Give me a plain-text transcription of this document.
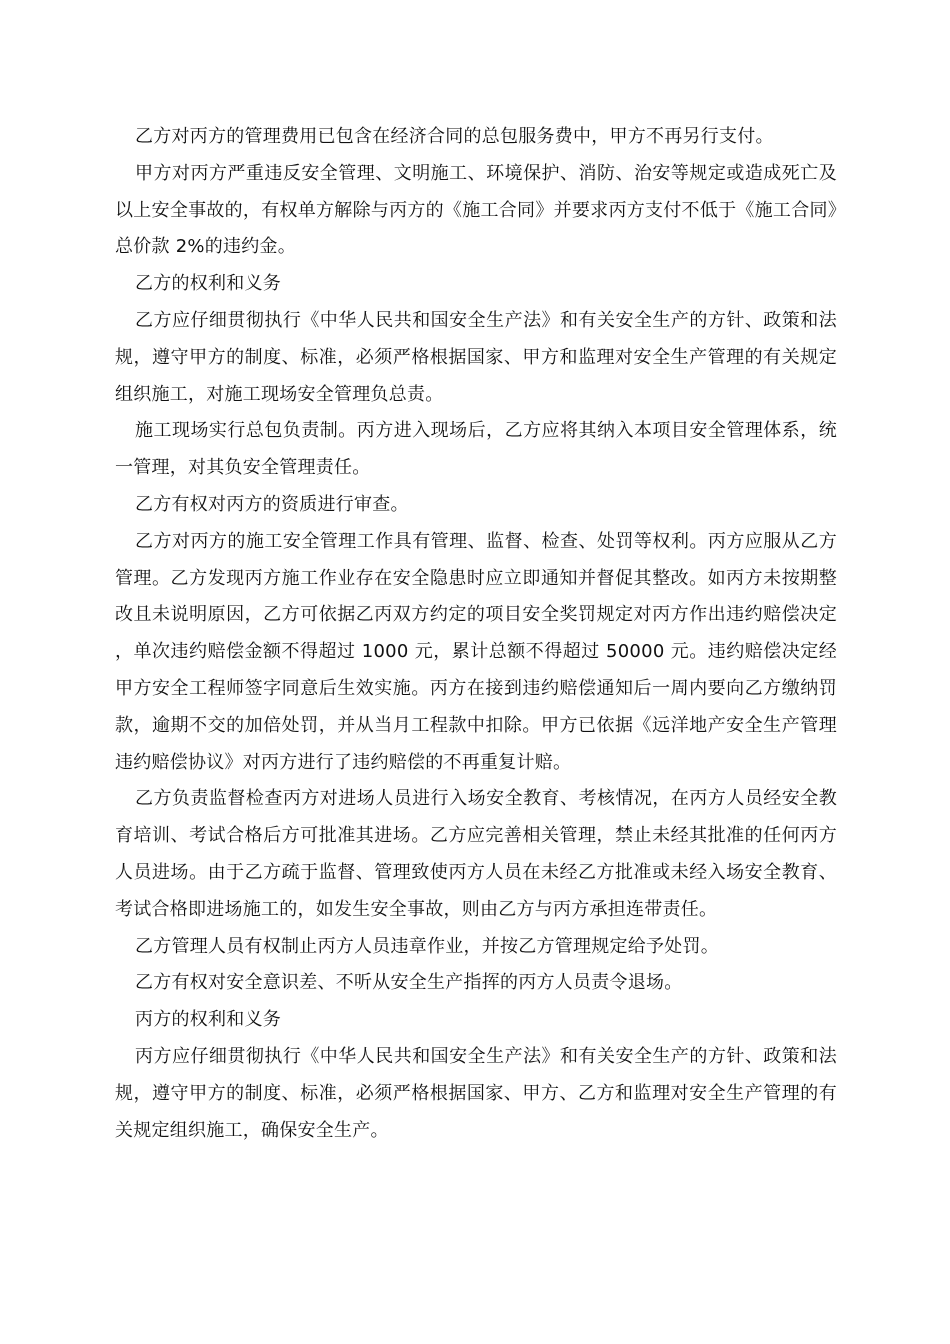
乙方对丙方的管理费用已包含在经济合同的总包服务费中，甲方不再另行支付。

甲方对丙方严重违反安全管理、文明施工、环境保护、消防、治安等规定或造成死亡及以上安全事故的，有权单方解除与丙方的《施工合同》并要求丙方支付不低于《施工合同》总价款 2%的违约金。

乙方的权利和义务

乙方应仔细贯彻执行《中华人民共和国安全生产法》和有关安全生产的方针、政策和法规，遵守甲方的制度、标准，必须严格根据国家、甲方和监理对安全生产管理的有关规定组织施工，对施工现场安全管理负总责。

施工现场实行总包负责制。丙方进入现场后，乙方应将其纳入本项目安全管理体系，统一管理，对其负安全管理责任。

乙方有权对丙方的资质进行审查。

乙方对丙方的施工安全管理工作具有管理、监督、检查、处罚等权利。丙方应服从乙方管理。乙方发现丙方施工作业存在安全隐患时应立即通知并督促其整改。如丙方未按期整改且未说明原因，乙方可依据乙丙双方约定的项目安全奖罚规定对丙方作出违约赔偿决定，单次违约赔偿金额不得超过 1000 元，累计总额不得超过 50000 元。违约赔偿决定经甲方安全工程师签字同意后生效实施。丙方在接到违约赔偿通知后一周内要向乙方缴纳罚款，逾期不交的加倍处罚，并从当月工程款中扣除。甲方已依据《远洋地产安全生产管理违约赔偿协议》对丙方进行了违约赔偿的不再重复计赔。

乙方负责监督检查丙方对进场人员进行入场安全教育、考核情况，在丙方人员经安全教育培训、考试合格后方可批准其进场。乙方应完善相关管理，禁止未经其批准的任何丙方人员进场。由于乙方疏于监督、管理致使丙方人员在未经乙方批准或未经入场安全教育、考试合格即进场施工的，如发生安全事故，则由乙方与丙方承担连带责任。

乙方管理人员有权制止丙方人员违章作业，并按乙方管理规定给予处罚。

乙方有权对安全意识差、不听从安全生产指挥的丙方人员责令退场。

丙方的权利和义务

丙方应仔细贯彻执行《中华人民共和国安全生产法》和有关安全生产的方针、政策和法规，遵守甲方的制度、标准，必须严格根据国家、甲方、乙方和监理对安全生产管理的有关规定组织施工，确保安全生产。
